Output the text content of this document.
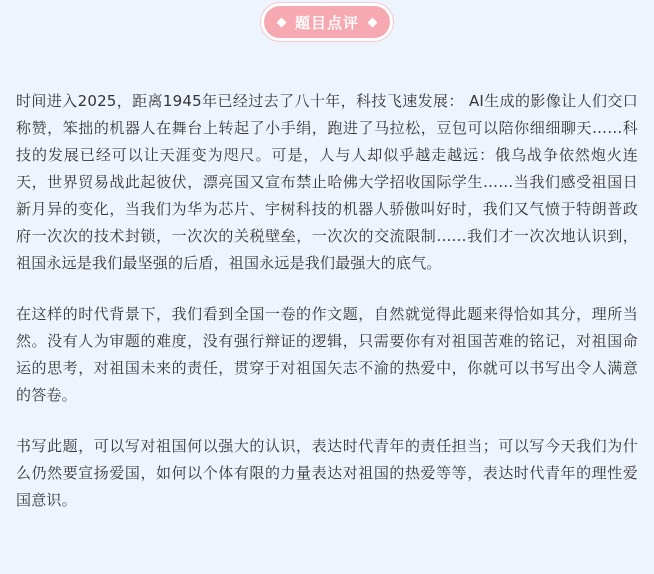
题目点评

时间进入2025，距离1945年已经过去了八十年，科技飞速发展： AI生成的影像让人们交口称赞，笨拙的机器人在舞台上转起了小手绢，跑进了马拉松，豆包可以陪你细细聊天……科技的发展已经可以让天涯变为咫尺。可是，人与人却似乎越走越远：俄乌战争依然炮火连天，世界贸易战此起彼伏，漂亮国又宣布禁止哈佛大学招收国际学生……当我们感受祖国日新月异的变化，当我们为华为芯片、宇树科技的机器人骄傲叫好时，我们又气愤于特朗普政府一次次的技术封锁，一次次的关税壁垒，一次次的交流限制……我们才一次次地认识到，祖国永远是我们最坚强的后盾，祖国永远是我们最强大的底气。

在这样的时代背景下，我们看到全国一卷的作文题，自然就觉得此题来得恰如其分，理所当然。没有人为审题的难度，没有强行辩证的逻辑，只需要你有对祖国苦难的铭记，对祖国命运的思考，对祖国未来的责任，贯穿于对祖国矢志不渝的热爱中，你就可以书写出令人满意的答卷。

书写此题，可以写对祖国何以强大的认识，表达时代青年的责任担当；可以写今天我们为什么仍然要宣扬爱国，如何以个体有限的力量表达对祖国的热爱等等，表达时代青年的理性爱国意识。
